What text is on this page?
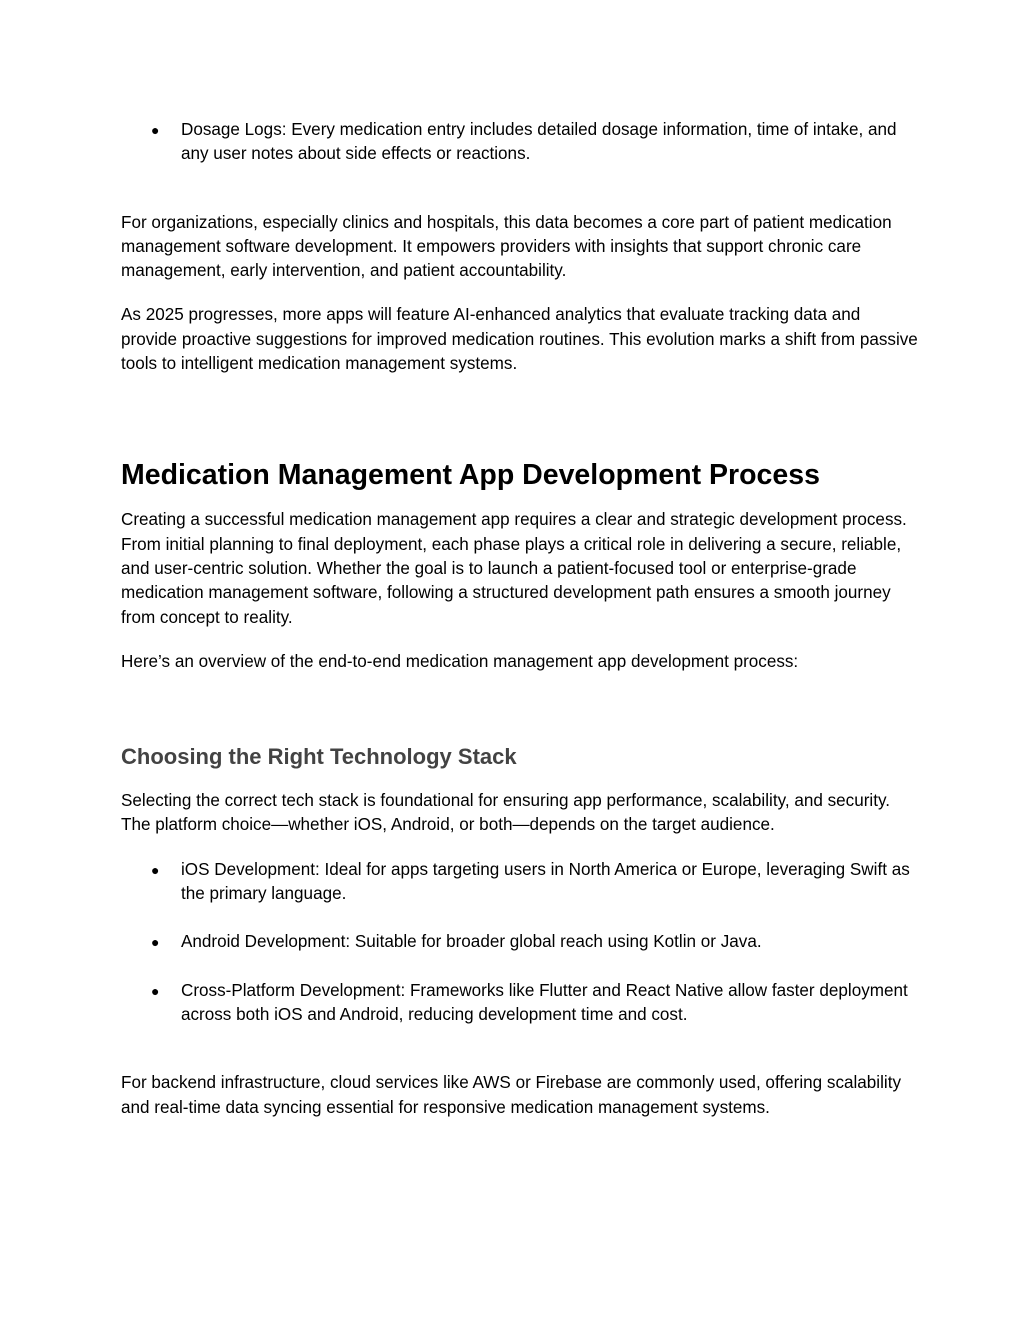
● Dosage Logs: Every medication entry includes detailed dosage information, time of intake, and any user notes about side effects or reactions.

For organizations, especially clinics and hospitals, this data becomes a core part of patient medication management software development. It empowers providers with insights that support chronic care management, early intervention, and patient accountability.

As 2025 progresses, more apps will feature AI-enhanced analytics that evaluate tracking data and provide proactive suggestions for improved medication routines. This evolution marks a shift from passive tools to intelligent medication management systems.

Medication Management App Development Process

Creating a successful medication management app requires a clear and strategic development process. From initial planning to final deployment, each phase plays a critical role in delivering a secure, reliable, and user-centric solution. Whether the goal is to launch a patient-focused tool or enterprise-grade medication management software, following a structured development path ensures a smooth journey from concept to reality.

Here’s an overview of the end-to-end medication management app development process:

Choosing the Right Technology Stack

Selecting the correct tech stack is foundational for ensuring app performance, scalability, and security. The platform choice—whether iOS, Android, or both—depends on the target audience.

● iOS Development: Ideal for apps targeting users in North America or Europe, leveraging Swift as the primary language.
● Android Development: Suitable for broader global reach using Kotlin or Java.
● Cross-Platform Development: Frameworks like Flutter and React Native allow faster deployment across both iOS and Android, reducing development time and cost.

For backend infrastructure, cloud services like AWS or Firebase are commonly used, offering scalability and real-time data syncing essential for responsive medication management systems.
